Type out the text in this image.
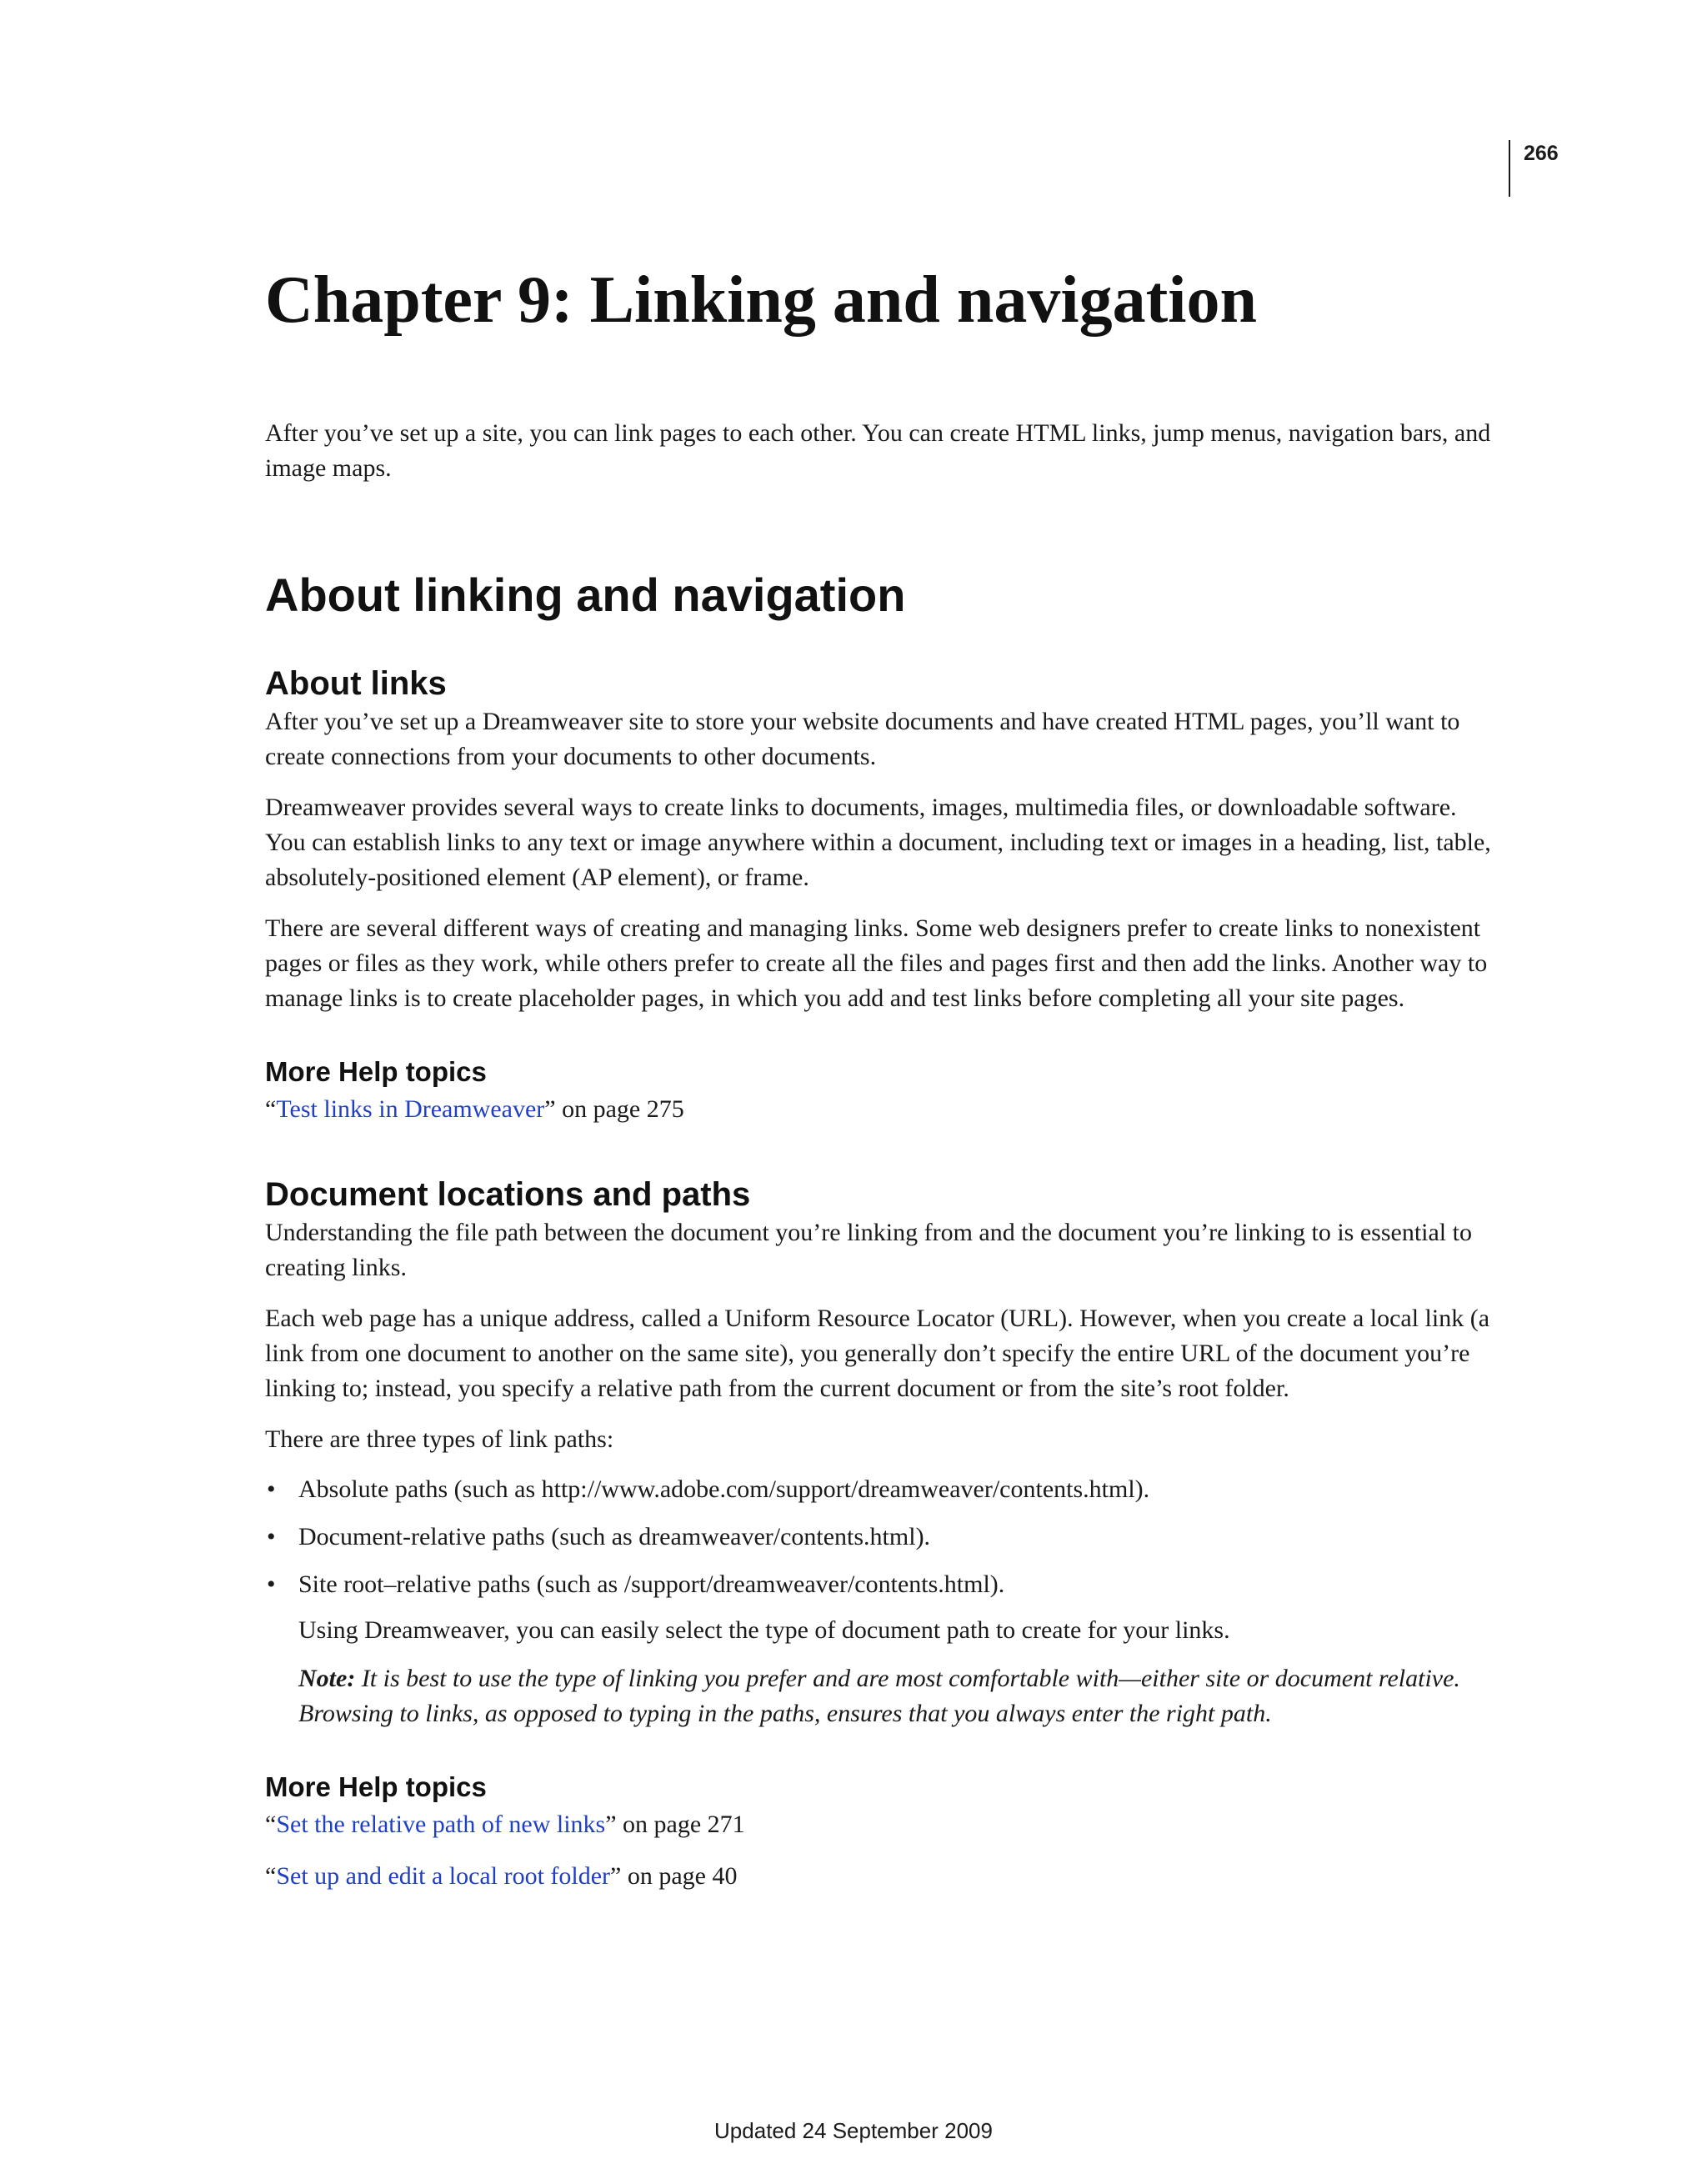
266
Chapter 9: Linking and navigation

After you’ve set up a site, you can link pages to each other. You can create HTML links, jump menus, navigation bars, and image maps.

About linking and navigation
About links

After you’ve set up a Dreamweaver site to store your website documents and have created HTML pages, you’ll want to create connections from your documents to other documents.

Dreamweaver provides several ways to create links to documents, images, multimedia files, or downloadable software. You can establish links to any text or image anywhere within a document, including text or images in a heading, list, table, absolutely-positioned element (AP element), or frame.

There are several different ways of creating and managing links. Some web designers prefer to create links to nonexistent pages or files as they work, while others prefer to create all the files and pages first and then add the links. Another way to manage links is to create placeholder pages, in which you add and test links before completing all your site pages.

More Help topics

“Test links in Dreamweaver” on page 275

Document locations and paths

Understanding the file path between the document you’re linking from and the document you’re linking to is essential to creating links.

Each web page has a unique address, called a Uniform Resource Locator (URL). However, when you create a local link (a link from one document to another on the same site), you generally don’t specify the entire URL of the document you’re linking to; instead, you specify a relative path from the current document or from the site’s root folder.

There are three types of link paths:

• Absolute paths (such as http://www.adobe.com/support/dreamweaver/contents.html).
• Document-relative paths (such as dreamweaver/contents.html).
• Site root–relative paths (such as /support/dreamweaver/contents.html).

Using Dreamweaver, you can easily select the type of document path to create for your links.

Note: It is best to use the type of linking you prefer and are most comfortable with—either site or document relative. Browsing to links, as opposed to typing in the paths, ensures that you always enter the right path.

More Help topics

“Set the relative path of new links” on page 271

“Set up and edit a local root folder” on page 40

Updated 24 September 2009
